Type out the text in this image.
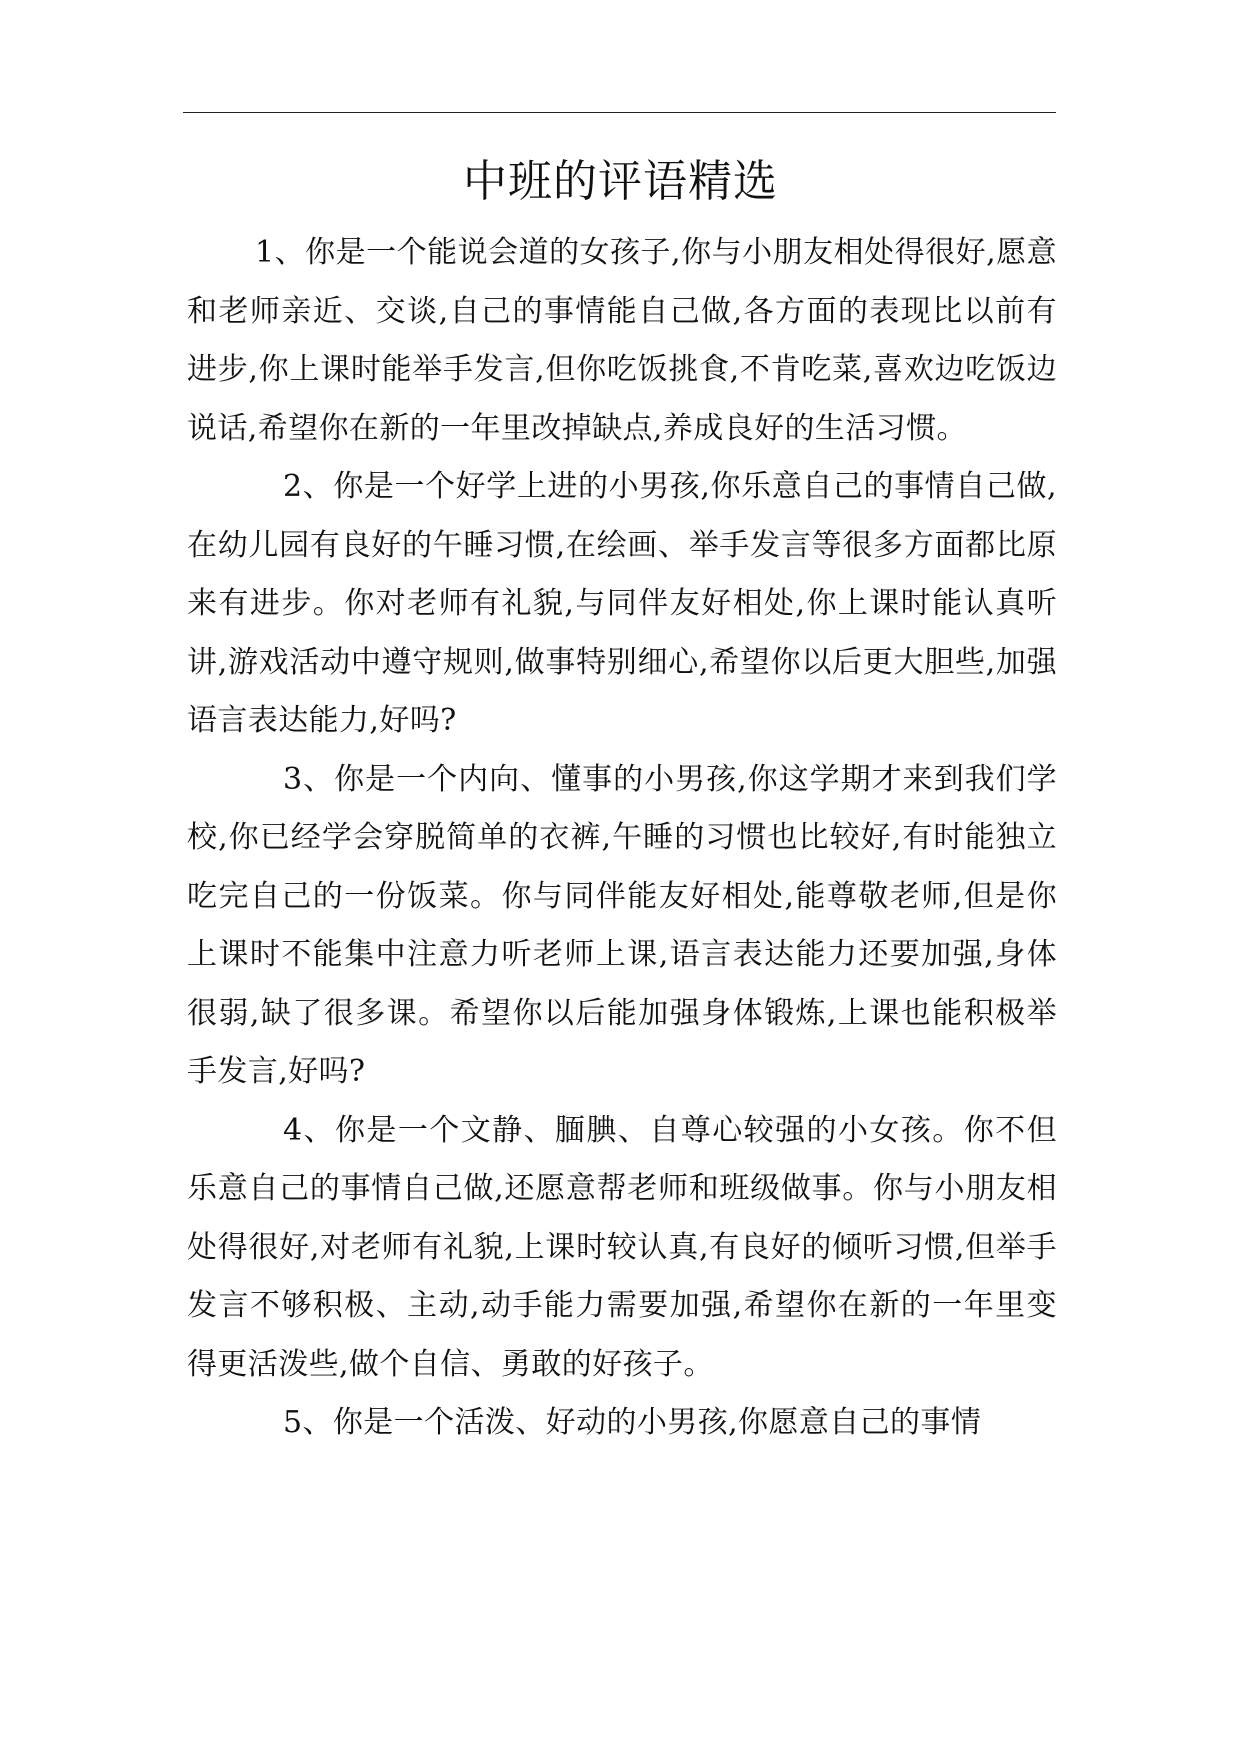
中班的评语精选

1、你是一个能说会道的女孩子,你与小朋友相处得很好,愿意和老师亲近、交谈,自己的事情能自己做,各方面的表现比以前有进步,你上课时能举手发言,但你吃饭挑食,不肯吃菜,喜欢边吃饭边说话,希望你在新的一年里改掉缺点,养成良好的生活习惯。

2、你是一个好学上进的小男孩,你乐意自己的事情自己做,在幼儿园有良好的午睡习惯,在绘画、举手发言等很多方面都比原来有进步。你对老师有礼貌,与同伴友好相处,你上课时能认真听讲,游戏活动中遵守规则,做事特别细心,希望你以后更大胆些,加强语言表达能力,好吗?

3、你是一个内向、懂事的小男孩,你这学期才来到我们学校,你已经学会穿脱简单的衣裤,午睡的习惯也比较好,有时能独立吃完自己的一份饭菜。你与同伴能友好相处,能尊敬老师,但是你上课时不能集中注意力听老师上课,语言表达能力还要加强,身体很弱,缺了很多课。希望你以后能加强身体锻炼,上课也能积极举手发言,好吗?

4、你是一个文静、腼腆、自尊心较强的小女孩。你不但乐意自己的事情自己做,还愿意帮老师和班级做事。你与小朋友相处得很好,对老师有礼貌,上课时较认真,有良好的倾听习惯,但举手发言不够积极、主动,动手能力需要加强,希望你在新的一年里变得更活泼些,做个自信、勇敢的好孩子。

5、你是一个活泼、好动的小男孩,你愿意自己的事情
